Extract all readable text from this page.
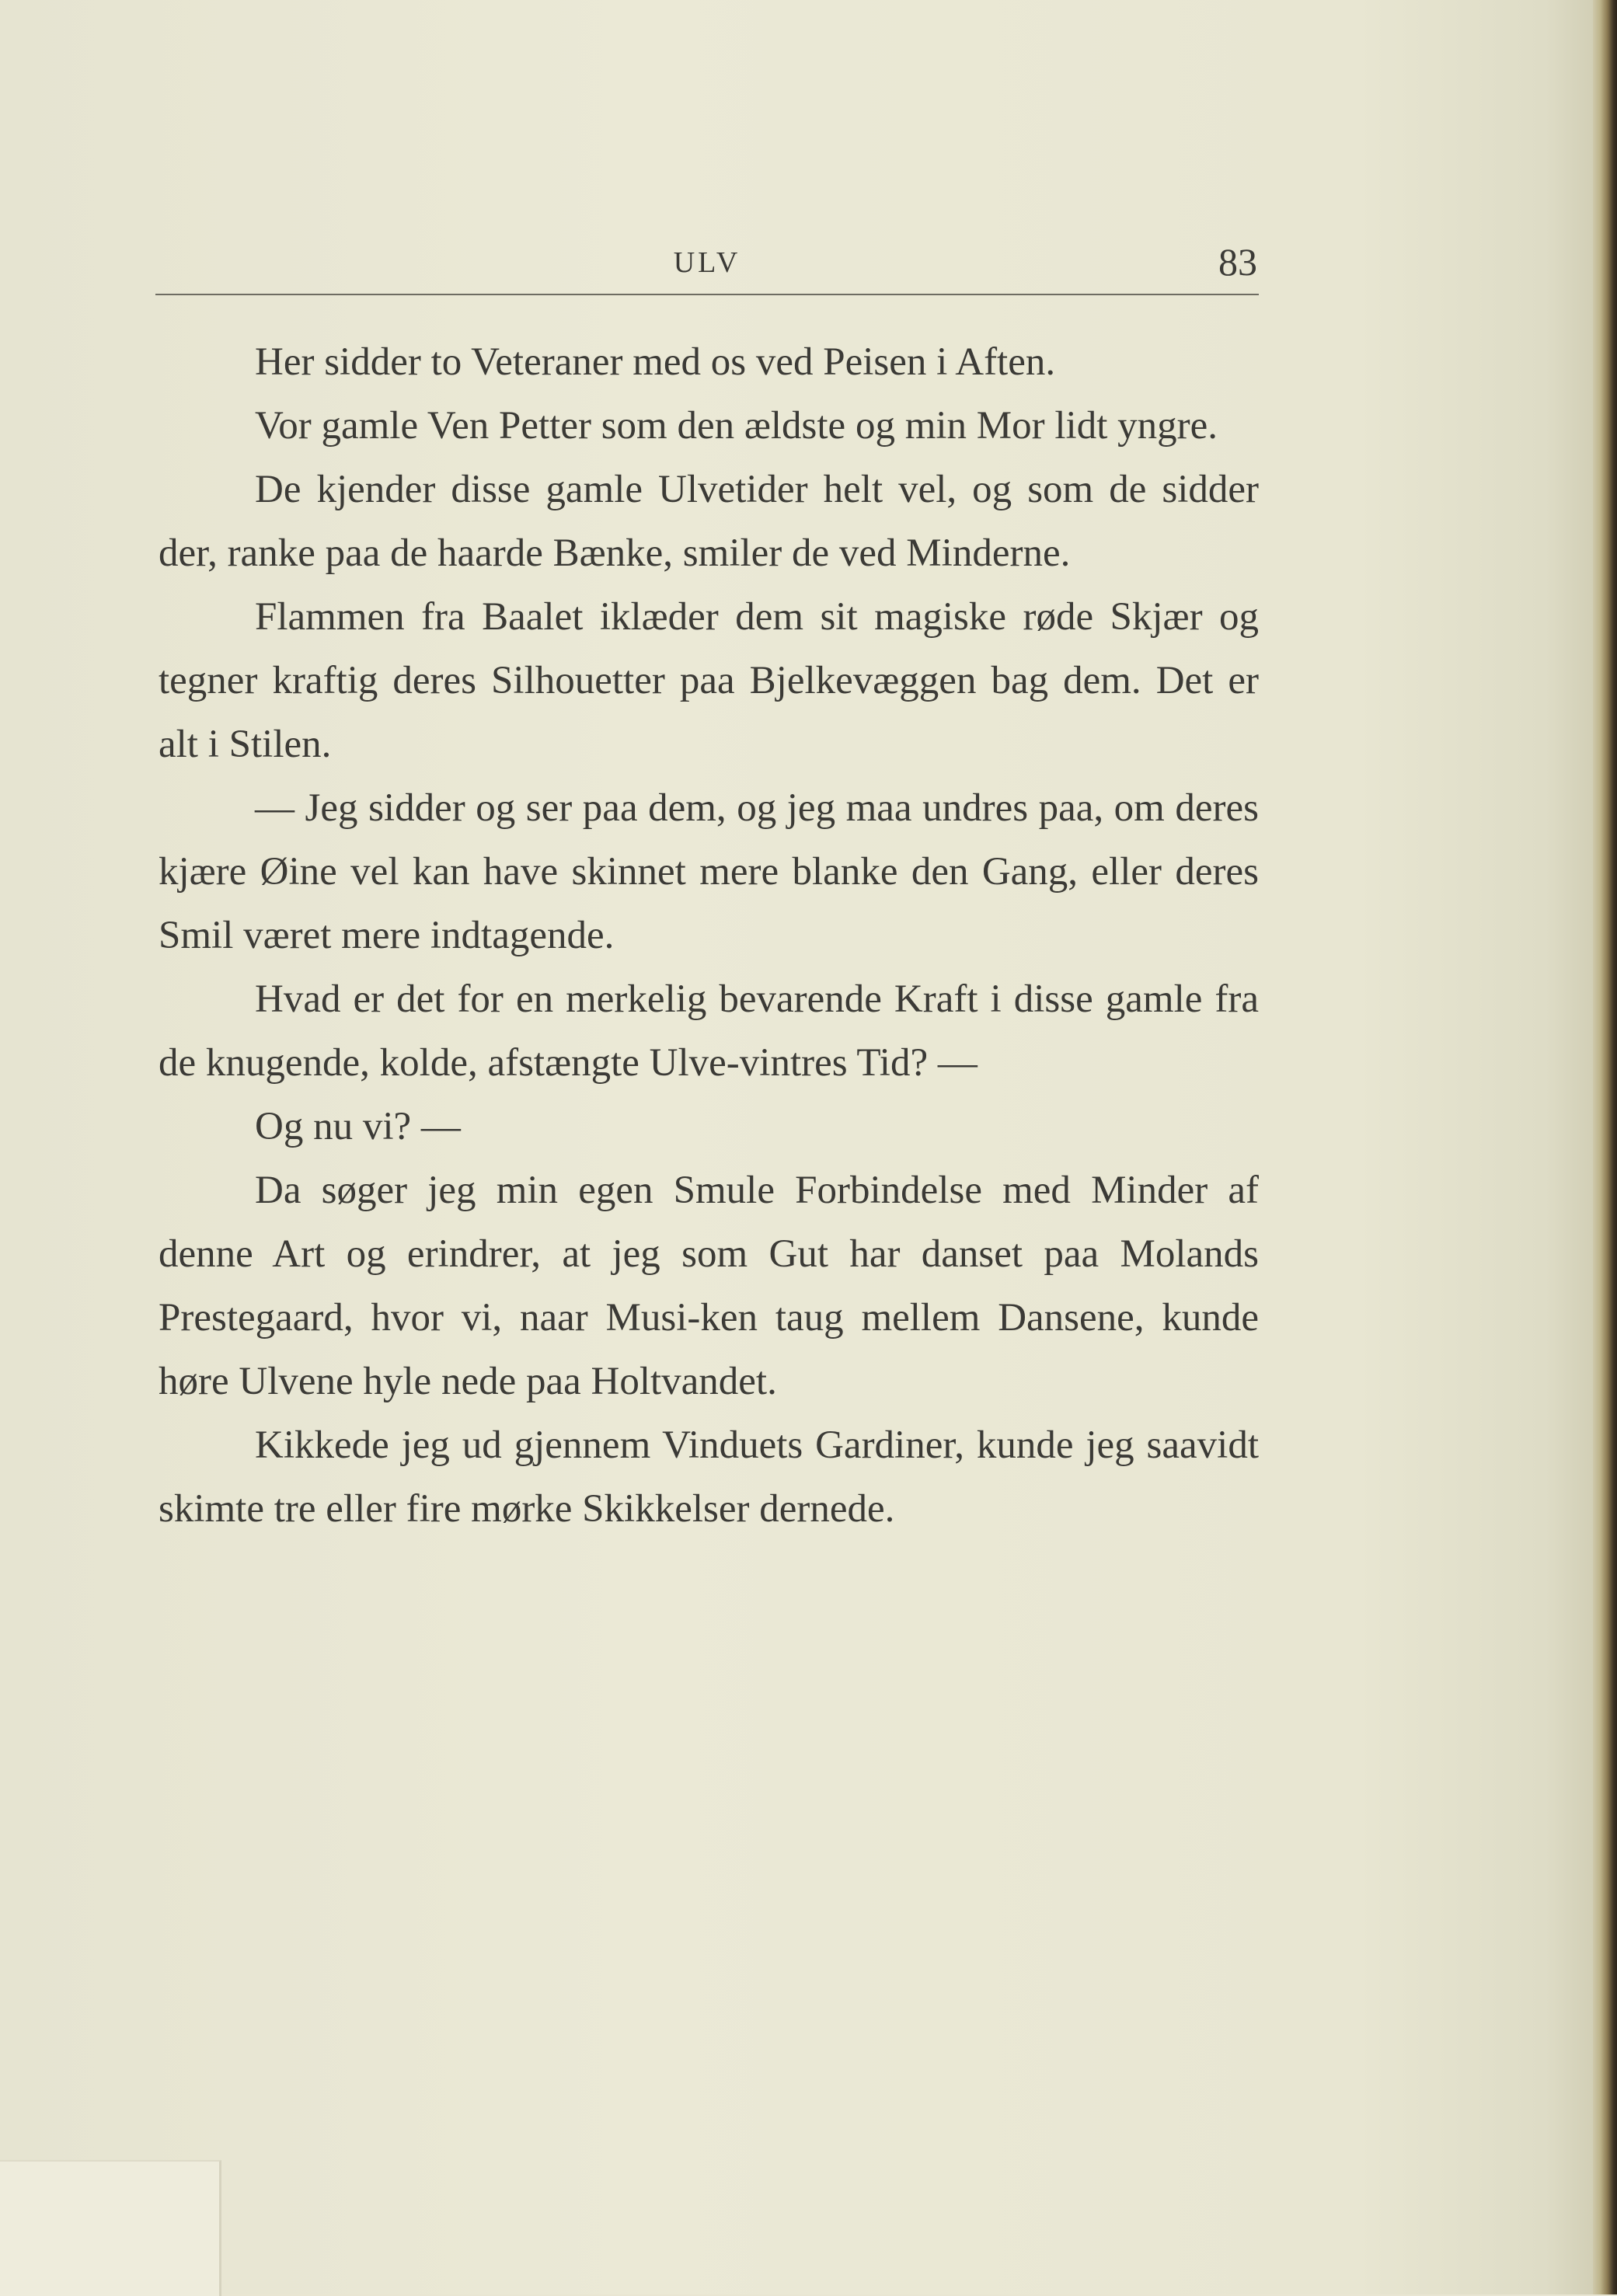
ULV	83

Her sidder to Veteraner med os ved Peisen i Aften.

Vor gamle Ven Petter som den ældste og min Mor lidt yngre.

De kjender disse gamle Ulvetider helt vel, og som de sidder der, ranke paa de haarde Bænke, smiler de ved Minderne.

Flammen fra Baalet iklæder dem sit magiske røde Skjær og tegner kraftig deres Silhouetter paa Bjelkevæggen bag dem. Det er alt i Stilen.

— Jeg sidder og ser paa dem, og jeg maa undres paa, om deres kjære Øine vel kan have skinnet mere blanke den Gang, eller deres Smil været mere indtagende.

Hvad er det for en merkelig bevarende Kraft i disse gamle fra de knugende, kolde, afstængte Ulve-vintres Tid? —

Og nu vi? —

Da søger jeg min egen Smule Forbindelse med Minder af denne Art og erindrer, at jeg som Gut har danset paa Molands Prestegaard, hvor vi, naar Musi-ken taug mellem Dansene, kunde høre Ulvene hyle nede paa Holtvandet.

Kikkede jeg ud gjennem Vinduets Gardiner, kunde jeg saavidt skimte tre eller fire mørke Skikkelser dernede.
